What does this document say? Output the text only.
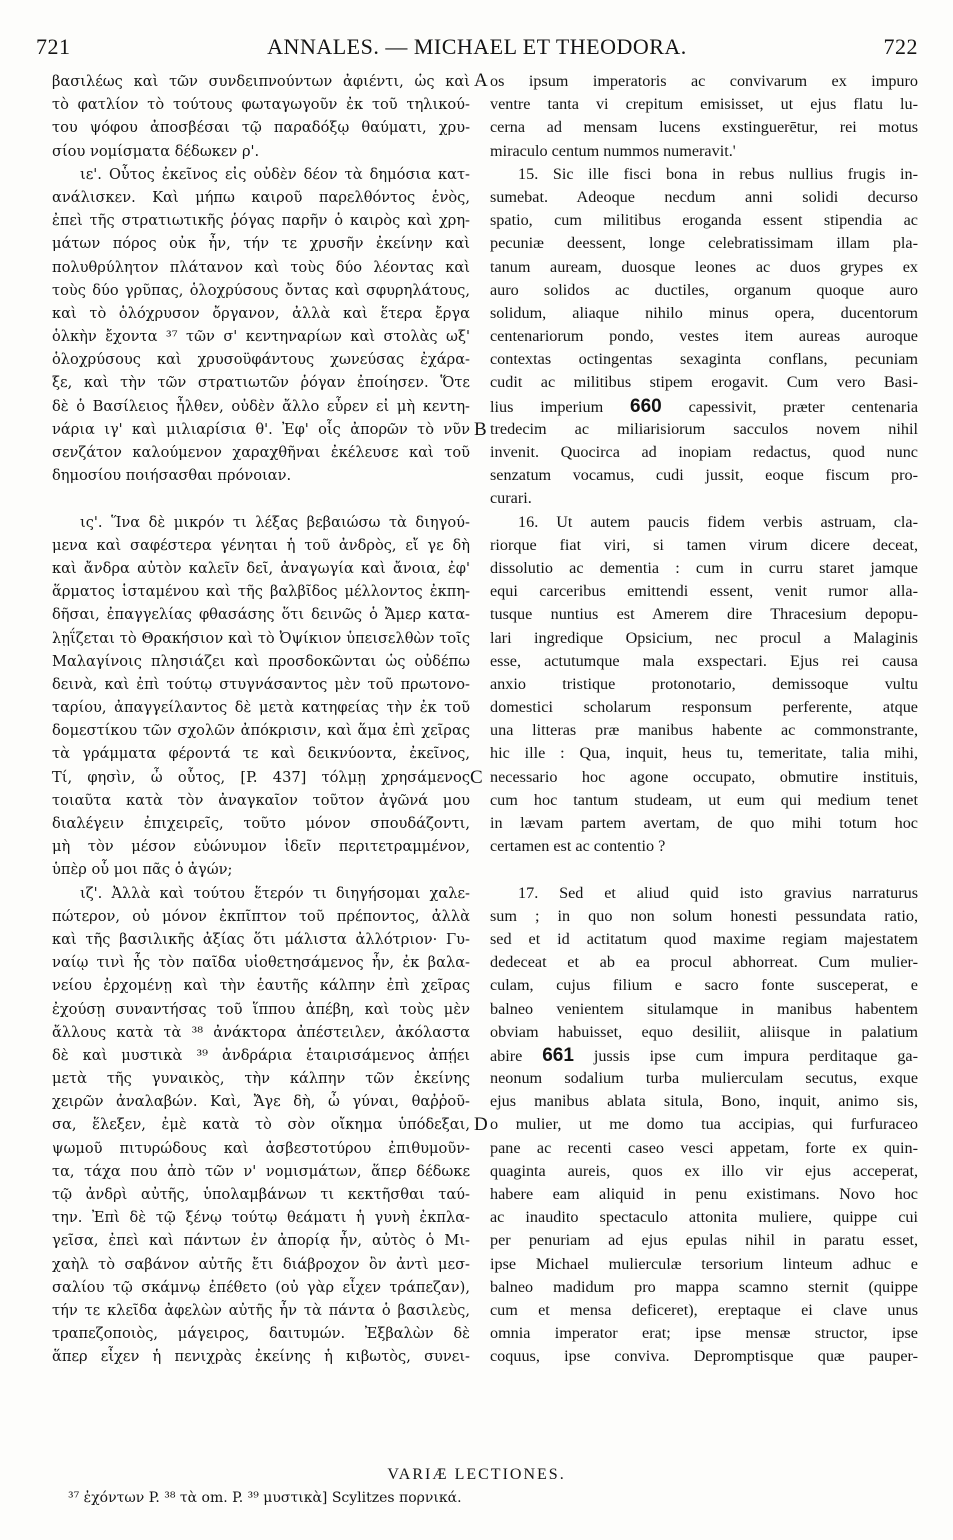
721	ANNALES. — MICHAEL ET THEODORA.	722
βασιλέως καὶ τῶν συνδειπνούντων ἀφιέντι, ὡς καὶ
τὸ φατλίον τὸ τούτους φωταγωγοῦν ἐκ τοῦ τηλικού-
του ψόφου ἀποσβέσαι τῷ παραδόξῳ θαύματι, χρυ-
σίου νομίσματα δέδωκεν ρ'.
ιε'. Οὗτος ἐκεῖνος εἰς οὐδὲν δέον τὰ δημόσια κατ-
ανάλισκεν. Καὶ μήπω καιροῦ παρελθόντος ἑνὸς,
ἐπεὶ τῆς στρατιωτικῆς ῥόγας παρῆν ὁ καιρὸς καὶ χρη-
μάτων πόρος οὐκ ἦν, τήν τε χρυσῆν ἐκείνην καὶ
πολυθρύλητον πλάτανον καὶ τοὺς δύο λέοντας καὶ
τοὺς δύο γρῦπας, ὁλοχρύσους ὄντας καὶ σφυρηλάτους,
καὶ τὸ ὁλόχρυσον ὄργανον, ἀλλὰ καὶ ἕτερα ἔργα
ὁλκὴν ἔχοντα ³⁷ τῶν σ' κεντηναρίων καὶ στολὰς ωξ'
ὁλοχρύσους καὶ χρυσοϋφάντους χωνεύσας ἐχάρα-
ξε, καὶ τὴν τῶν στρατιωτῶν ῥόγαν ἐποίησεν. Ὅτε
δὲ ὁ Βασίλειος ἦλθεν, οὐδὲν ἄλλο εὗρεν εἰ μὴ κεντη-
νάρια ιγ' καὶ μιλιαρίσια θ'. Ἐφ' οἷς ἀπορῶν τὸ νῦν
σενζάτον καλούμενον χαραχθῆναι ἐκέλευσε καὶ τοῦ
δημοσίου ποιήσασθαι πρόνοιαν.
ις'. Ἵνα δὲ μικρόν τι λέξας βεβαιώσω τὰ διηγού-
μενα καὶ σαφέστερα γένηται ἡ τοῦ ἀνδρὸς, εἴ γε δὴ
καὶ ἄνδρα αὐτὸν καλεῖν δεῖ, ἀναγωγία καὶ ἄνοια, ἐφ'
ἅρματος ἱσταμένου καὶ τῆς βαλβῖδος μέλλοντος ἐκπη-
δῆσαι, ἐπαγγελίας φθασάσης ὅτι δεινῶς ὁ Ἄμερ κατα-
λῃΐζεται τὸ Θρακήσιον καὶ τὸ Ὀψίκιον ὑπεισελθὼν τοῖς
Μαλαγίνοις πλησιάζει καὶ προσδοκῶνται ὡς οὐδέπω
δεινὰ, καὶ ἐπὶ τούτῳ στυγνάσαντος μὲν τοῦ πρωτονο-
ταρίου, ἀπαγγείλαντος δὲ μετὰ κατηφείας τὴν ἐκ τοῦ
δομεστίκου τῶν σχολῶν ἀπόκρισιν, καὶ ἅμα ἐπὶ χεῖρας
τὰ γράμματα φέροντά τε καὶ δεικνύοντα, ἐκεῖνος,
Τί, φησὶν, ὦ οὗτος, [P. 437] τόλμῃ χρησάμενος
τοιαῦτα κατὰ τὸν ἀναγκαῖον τοῦτον ἀγῶνά μου
διαλέγειν ἐπιχειρεῖς, τοῦτο μόνον σπουδάζοντι,
μὴ τὸν μέσον εὐώνυμον ἰδεῖν περιτετραμμένον,
ὑπὲρ οὗ μοι πᾶς ὁ ἀγών;
ιζ'. Ἀλλὰ καὶ τούτου ἕτερόν τι διηγήσομαι χαλε-
πώτερον, οὐ μόνον ἐκπῖπτον τοῦ πρέποντος, ἀλλὰ
καὶ τῆς βασιλικῆς ἀξίας ὅτι μάλιστα ἀλλότριον· Γυ-
ναίῳ τινὶ ἧς τὸν παῖδα υἱοθετησάμενος ἦν, ἐκ βαλα-
νείου ἐρχομένῃ καὶ τὴν ἑαυτῆς κάλπην ἐπὶ χεῖρας
ἐχούσῃ συναντήσας τοῦ ἵππου ἀπέβη, καὶ τοὺς μὲν
ἄλλους κατὰ τὰ ³⁸ ἀνάκτορα ἀπέστειλεν, ἀκόλαστα
δὲ καὶ μυστικὰ ³⁹ ἀνδράρια ἑταιρισάμενος ἀπῄει
μετὰ τῆς γυναικὸς, τὴν κάλπην τῶν ἐκείνης
χειρῶν ἀναλαβών. Καὶ, Ἄγε δὴ, ὦ γύναι, θαῤῥοῦ-
σα, ἕλεξεν, ἐμὲ κατὰ τὸ σὸν οἴκημα ὑπόδεξαι,
ψωμοῦ πιτυρώδους καὶ ἀσβεστοτύρου ἐπιθυμοῦν-
τα, τάχα που ἀπὸ τῶν ν' νομισμάτων, ἅπερ δέδωκε
τῷ ἀνδρὶ αὐτῆς, ὑπολαμβάνων τι κεκτῆσθαι ταύ-
την. Ἐπὶ δὲ τῷ ξένῳ τούτῳ θεάματι ἡ γυνὴ ἐκπλα-
γεῖσα, ἐπεὶ καὶ πάντων ἐν ἀπορίᾳ ἦν, αὐτὸς ὁ Μι-
χαὴλ τὸ σαβάνον αὐτῆς ἔτι διάβροχον ὂν ἀντὶ μεσ-
σαλίου τῷ σκάμνῳ ἐπέθετο (οὐ γὰρ εἶχεν τράπεζαν),
τήν τε κλεῖδα ἀφελὼν αὐτῆς ἦν τὰ πάντα ὁ βασιλεὺς,
τραπεζοποιὸς, μάγειρος, δαιτυμών. Ἐξβαλὼν δὲ
ἅπερ εἶχεν ἡ πενιχρὰς ἐκείνης ἡ κιβωτὸς, συνει-
os ipsum imperatoris ac convivarum ex impuro
ventre tanta vi crepitum emisisset, ut ejus flatu lu-
cerna ad mensam lucens exstinguerētur, rei motus
miraculo centum nummos numeravit.'
15. Sic ille fisci bona in rebus nullius frugis in-
sumebat. Adeoque necdum anni solidi decurso
spatio, cum militibus eroganda essent stipendia ac
pecuniæ deessent, longe celebratissimam illam pla-
tanum auream, duosque leones ac duos grypes ex
auro solidos ac ductiles, organum quoque auro
solidum, aliaque nihilo minus opera, ducentorum
centenariorum pondo, vestes item aureas auroque
contextas octingentas sexaginta conflans, pecuniam
cudit ac militibus stipem erogavit. Cum vero Basi-
lius imperium 660 capessivit, præter centenaria
tredecim ac miliarisiorum sacculos novem nihil
invenit. Quocirca ad inopiam redactus, quod nunc
senzatum vocamus, cudi jussit, eoque fiscum pro-
curari.
16. Ut autem paucis fidem verbis astruam, cla-
riorque fiat viri, si tamen virum dicere deceat,
dissolutio ac dementia : cum in curru staret jamque
equi carceribus emittendi essent, venit rumor alla-
tusque nuntius est Amerem dire Thracesium depopu-
lari ingredique Opsicium, nec procul a Malaginis
esse, actutumque mala exspectari. Ejus rei causa
anxio tristique protonotario, demissoque vultu
domestici scholarum responsum perferente, atque
una litteras præ manibus habente ac commonstrante,
hic ille : Qua, inquit, heus tu, temeritate, talia mihi,
necessario hoc agone occupato, obmutire instituis,
cum hoc tantum studeam, ut eum qui medium tenet
in lævam partem avertam, de quo mihi totum hoc
certamen est ac contentio ?
17. Sed et aliud quid isto gravius narraturus
sum ; in quo non solum honesti pessundata ratio,
sed et id actitatum quod maxime regiam majestatem
dedeceat et ab ea procul abhorreat. Cum mulier-
culam, cujus filium e sacro fonte susceperat, e
balneo venientem situlamque in manibus habentem
obviam habuisset, equo desiliit, aliisque in palatium
abire 661 jussis ipse cum impura perditaque ga-
neonum sodalium turba mulierculam secutus, exque
ejus manibus ablata situla, Bono, inquit, animo sis,
o mulier, ut me domo tua accipias, qui furfuraceo
pane ac recenti caseo vesci appetam, forte ex quin-
quaginta aureis, quos ex illo vir ejus acceperat,
habere eam aliquid in penu existimans. Novo hoc
ac inaudito spectaculo attonita muliere, quippe cui
per penuriam ad ejus epulas nihil in paratu esset,
ipse Michael mulierculæ tersorium linteum adhuc e
balneo madidum pro mappa scamno sternit (quippe
cum et mensa deficeret), ereptaque ei clave unus
omnia imperator erat; ipse mensæ structor, ipse
coquus, ipse conviva. Depromptisque quæ pauper-
A
B
C
D
VARIÆ LECTIONES.
³⁷ ἐχόντων P. ³⁸ τὰ om. P. ³⁹ μυστικὰ] Scylitzes πορνικά.
